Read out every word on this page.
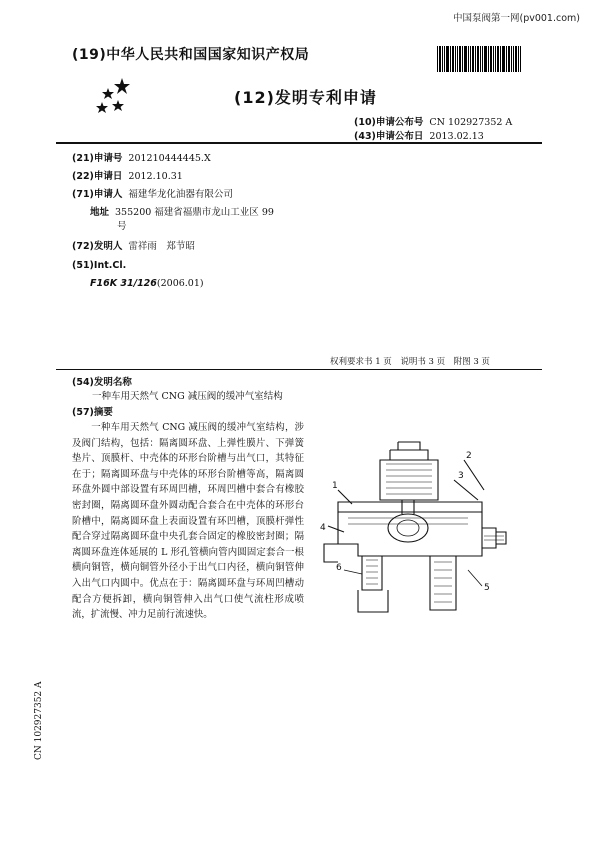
中国泵阀第一网(pv001.com)
(19)中华人民共和国国家知识产权局
(12)发明专利申请
(10)申请公布号 CN 102927352 A
(43)申请公布日 2013.02.13
(21)申请号 201210444445.X
(22)申请日 2012.10.31
(71)申请人 福建华龙化油器有限公司
地址 355200 福建省福鼎市龙山工业区 99
号
(72)发明人 雷祥雨　郑节昭
(51)Int.Cl.
F16K 31/126(2006.01)
权利要求书 1 页　说明书 3 页　附图 3 页
(54)发明名称
一种车用天然气 CNG 减压阀的缓冲气室结构
(57)摘要
一种车用天然气 CNG 减压阀的缓冲气室结构，涉及阀门结构，包括：隔离圆环盘、上弹性膜片、下弹簧垫片、顶膜杆、中壳体的环形台阶槽与出气口，其特征在于；隔离圆环盘与中壳体的环形台阶槽等高，隔离圆环盘外圆中部设置有环周凹槽，环周凹槽中套合有橡胶密封圈，隔离圆环盘外圆动配合套合在中壳体的环形台阶槽中，隔离圆环盘上表面设置有环凹槽，顶膜杆弹性配合穿过隔离圆环盘中央孔套合固定的橡胶密封圈；隔离圆环盘连体延展的 L 形孔管横向管内圆固定套合一根横向铜管，横向铜管外径小于出气口内径，横向铜管伸入出气口内圆中。优点在于：隔离圆环盘与环周凹槽动配合方便拆卸，横向铜管伸入出气口使气流柱形成喷流，扩流慢、冲力足前行流速快。
1
2
3
4
5
6
CN 102927352 A
